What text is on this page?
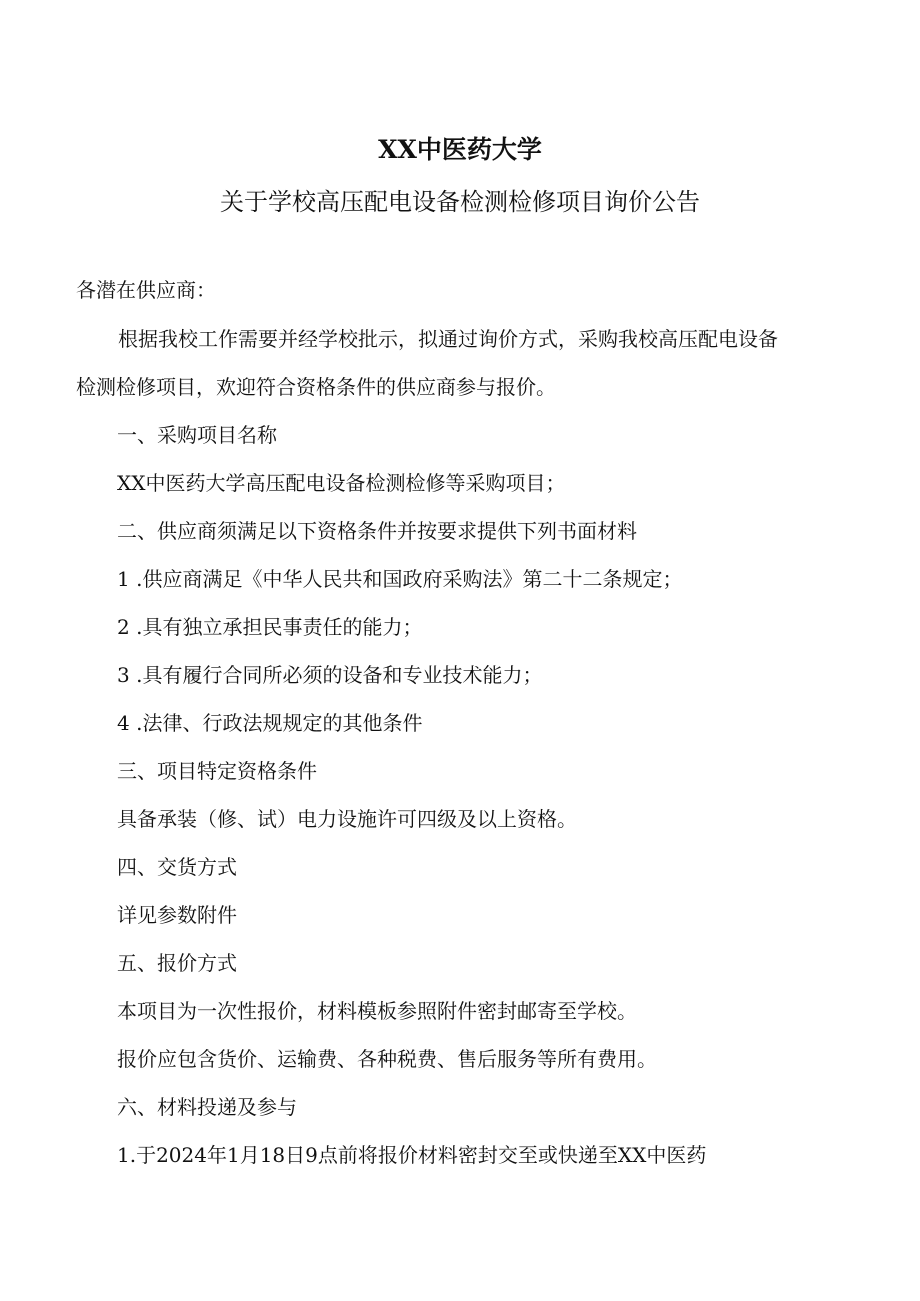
XX中医药大学
关于学校高压配电设备检测检修项目询价公告
各潜在供应商：
根据我校工作需要并经学校批示，拟通过询价方式，采购我校高压配电设备
检测检修项目，欢迎符合资格条件的供应商参与报价。
一、采购项目名称
XX中医药大学高压配电设备检测检修等采购项目；
二、供应商须满足以下资格条件并按要求提供下列书面材料
1 .供应商满足《中华人民共和国政府采购法》第二十二条规定；
2 .具有独立承担民事责任的能力；
3 .具有履行合同所必须的设备和专业技术能力；
4 .法律、行政法规规定的其他条件
三、项目特定资格条件
具备承装（修、试）电力设施许可四级及以上资格。
四、交货方式
详见参数附件
五、报价方式
本项目为一次性报价，材料模板参照附件密封邮寄至学校。
报价应包含货价、运输费、各种税费、售后服务等所有费用。
六、材料投递及参与
1.于2024年1月18日9点前将报价材料密封交至或快递至XX中医药
